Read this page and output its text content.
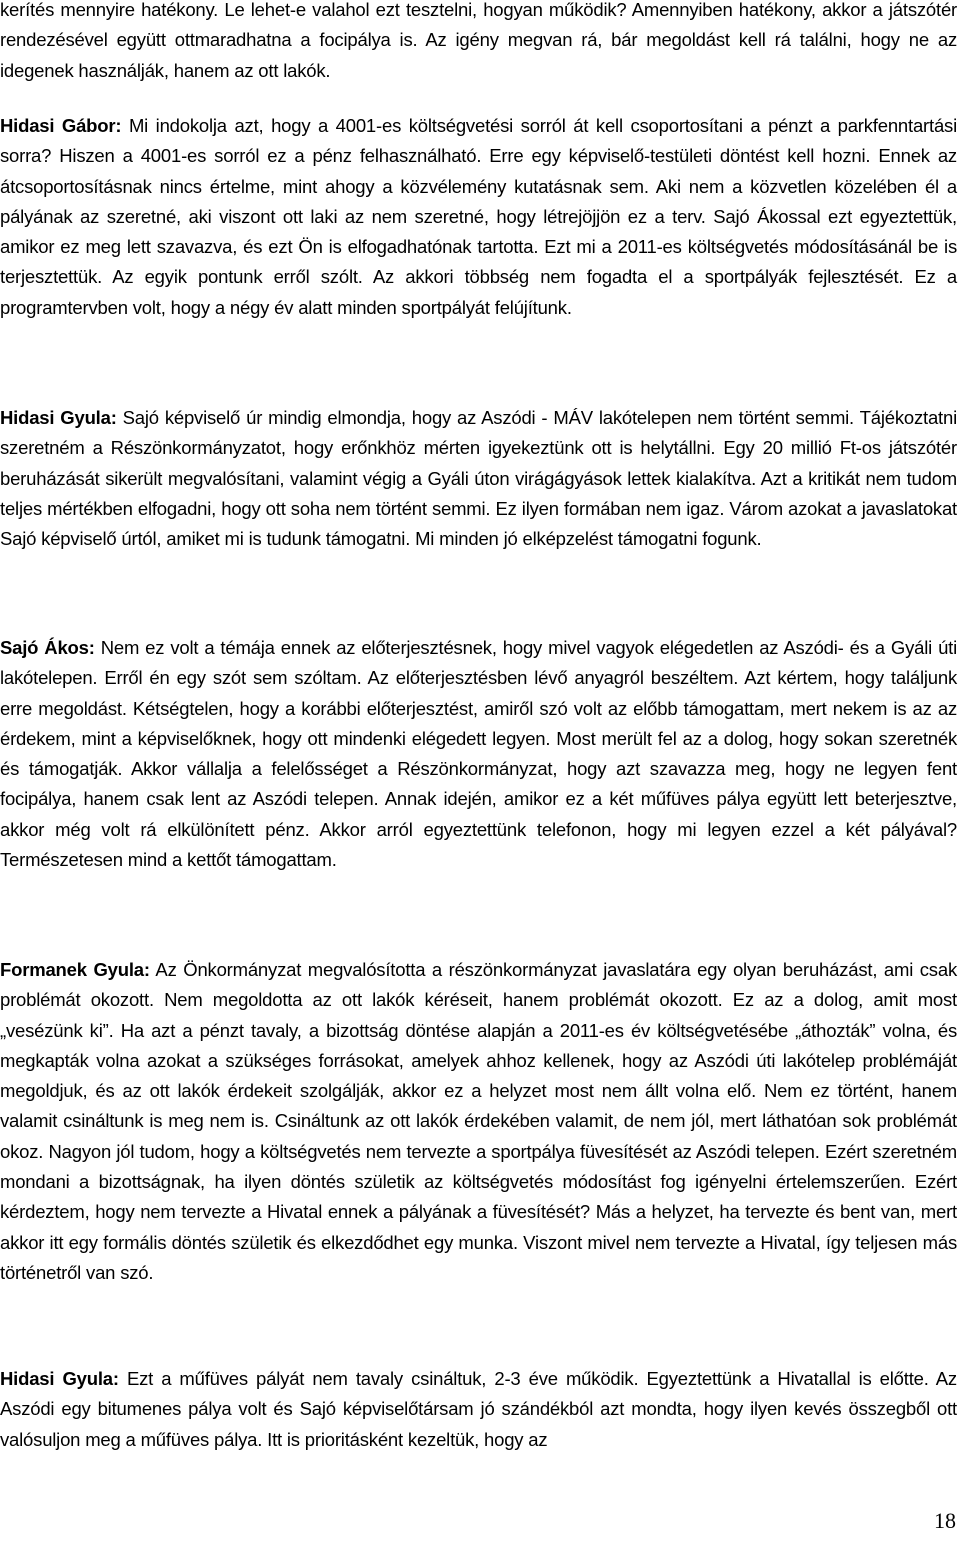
kerítés mennyire hatékony. Le lehet-e valahol ezt tesztelni, hogyan működik? Amennyiben hatékony, akkor a játszótér rendezésével együtt ottmaradhatna a focipálya is. Az igény megvan rá, bár megoldást kell rá találni, hogy ne az idegenek használják, hanem az ott lakók.

Hidasi Gábor: Mi indokolja azt, hogy a 4001-es költségvetési sorról át kell csoportosítani a pénzt a parkfenntartási sorra? Hiszen a 4001-es sorról ez a pénz felhasználható. Erre egy képviselő-testületi döntést kell hozni. Ennek az átcsoportosításnak nincs értelme, mint ahogy a közvélemény kutatásnak sem. Aki nem a közvetlen közelében él a pályának az szeretné, aki viszont ott laki az nem szeretné, hogy létrejöjjön ez a terv. Sajó Ákossal ezt egyeztettük, amikor ez meg lett szavazva, és ezt Ön is elfogadhatónak tartotta. Ezt mi a 2011-es költségvetés módosításánál be is terjesztettük. Az egyik pontunk erről szólt. Az akkori többség nem fogadta el a sportpályák fejlesztését. Ez a programtervben volt, hogy a négy év alatt minden sportpályát felújítunk.

Hidasi Gyula: Sajó képviselő úr mindig elmondja, hogy az Aszódi - MÁV lakótelepen nem történt semmi. Tájékoztatni szeretném a Részönkormányzatot, hogy erőnkhöz mérten igyekeztünk ott is helytállni. Egy 20 millió Ft-os játszótér beruházását sikerült megvalósítani, valamint végig a Gyáli úton virágágyások lettek kialakítva. Azt a kritikát nem tudom teljes mértékben elfogadni, hogy ott soha nem történt semmi. Ez ilyen formában nem igaz. Várom azokat a javaslatokat Sajó képviselő úrtól, amiket mi is tudunk támogatni. Mi minden jó elképzelést támogatni fogunk.

Sajó Ákos: Nem ez volt a témája ennek az előterjesztésnek, hogy mivel vagyok elégedetlen az Aszódi- és a Gyáli úti lakótelepen. Erről én egy szót sem szóltam. Az előterjesztésben lévő anyagról beszéltem. Azt kértem, hogy találjunk erre megoldást. Kétségtelen, hogy a korábbi előterjesztést, amiről szó volt az előbb támogattam, mert nekem is az az érdekem, mint a képviselőknek, hogy ott mindenki elégedett legyen. Most merült fel az a dolog, hogy sokan szeretnék és támogatják. Akkor vállalja a felelősséget a Részönkormányzat, hogy azt szavazza meg, hogy ne legyen fent focipálya, hanem csak lent az Aszódi telepen. Annak idején, amikor ez a két műfüves pálya együtt lett beterjesztve, akkor még volt rá elkülönített pénz. Akkor arról egyeztettünk telefonon, hogy mi legyen ezzel a két pályával? Természetesen mind a kettőt támogattam.

Formanek Gyula: Az Önkormányzat megvalósította a részönkormányzat javaslatára egy olyan beruházást, ami csak problémát okozott. Nem megoldotta az ott lakók kéréseit, hanem problémát okozott. Ez az a dolog, amit most „vesézünk ki”. Ha azt a pénzt tavaly, a bizottság döntése alapján a 2011-es év költségvetésébe „áthozták” volna, és megkapták volna azokat a szükséges forrásokat, amelyek ahhoz kellenek, hogy az Aszódi úti lakótelep problémáját megoldjuk, és az ott lakók érdekeit szolgálják, akkor ez a helyzet most nem állt volna elő. Nem ez történt, hanem valamit csináltunk is meg nem is. Csináltunk az ott lakók érdekében valamit, de nem jól, mert láthatóan sok problémát okoz. Nagyon jól tudom, hogy a költségvetés nem tervezte a sportpálya füvesítését az Aszódi telepen. Ezért szeretném mondani a bizottságnak, ha ilyen döntés születik az költségvetés módosítást fog igényelni értelemszerűen. Ezért kérdeztem, hogy nem tervezte a Hivatal ennek a pályának a füvesítését? Más a helyzet, ha tervezte és bent van, mert akkor itt egy formális döntés születik és elkezdődhet egy munka. Viszont mivel nem tervezte a Hivatal, így teljesen más történetről van szó.

Hidasi Gyula: Ezt a műfüves pályát nem tavaly csináltuk, 2-3 éve működik. Egyeztettünk a Hivatallal is előtte. Az Aszódi egy bitumenes pálya volt és Sajó képviselőtársam jó szándékból azt mondta, hogy ilyen kevés összegből ott valósuljon meg a műfüves pálya. Itt is prioritásként kezeltük, hogy az

18
